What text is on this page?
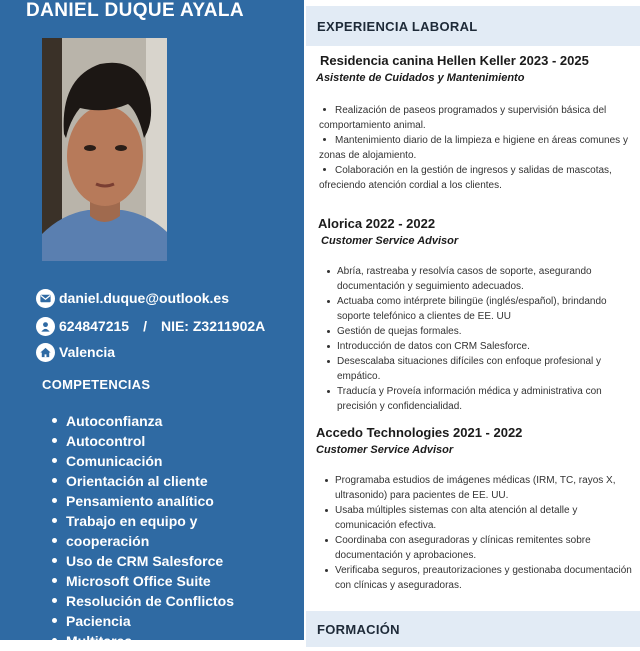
DANIEL DUQUE AYALA
daniel.duque@outlook.es
624847215 / NIE: Z3211902A
Valencia
COMPETENCIAS
Autoconfianza
Autocontrol
Comunicación
Orientación al cliente
Pensamiento analítico
Trabajo en equipo y
cooperación
Uso de CRM Salesforce
Microsoft Office Suite
Resolución de Conflictos
Paciencia
Multitarea
EXPERIENCIA LABORAL
Residencia canina Hellen Keller 2023 - 2025
Asistente de Cuidados y Mantenimiento
Realización de paseos programados y supervisión básica del comportamiento animal.
Mantenimiento diario de la limpieza e higiene en áreas comunes y zonas de alojamiento.
Colaboración en la gestión de ingresos y salidas de mascotas, ofreciendo atención cordial a los clientes.
Alorica 2022 - 2022
Customer Service Advisor
Abría, rastreaba y resolvía casos de soporte, asegurando documentación y seguimiento adecuados.
Actuaba como intérprete bilingüe (inglés/español), brindando soporte telefónico a clientes de EE. UU
Gestión de quejas formales.
Introducción de datos con CRM Salesforce.
Desescalaba situaciones difíciles con enfoque profesional y empático.
Traducía y Proveía información médica y administrativa con precisión y confidencialidad.
Accedo Technologies 2021 - 2022
Customer Service Advisor
Programaba estudios de imágenes médicas (IRM, TC, rayos X, ultrasonido) para pacientes de EE. UU.
Usaba múltiples sistemas con alta atención al detalle y comunicación efectiva.
Coordinaba con aseguradoras y clínicas remitentes sobre documentación y aprobaciones.
Verificaba seguros, preautorizaciones y gestionaba documentación con clínicas y aseguradoras.
FORMACIÓN
